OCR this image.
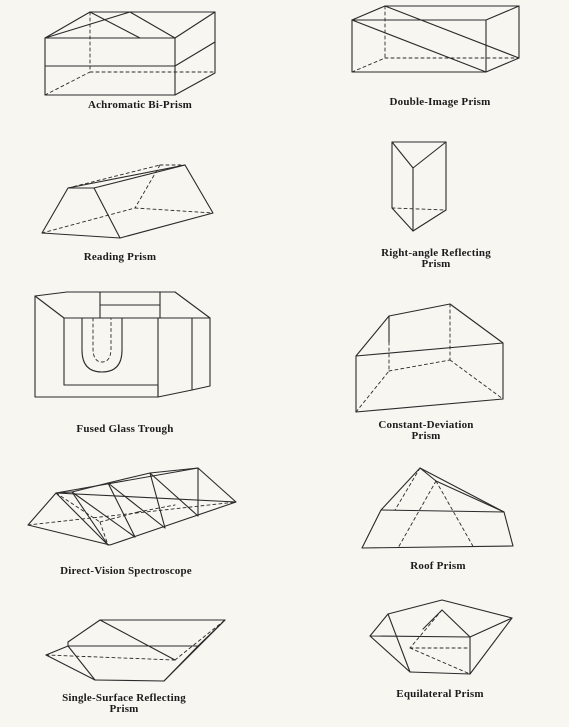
Achromatic Bi-Prism	Double-Image Prism
Reading Prism	Right-angle Reflecting
Prism
Fused Glass Trough	Constant-Deviation
Prism
Direct-Vision Spectroscope	Roof Prism
Single-Surface Reflecting
Prism
Equilateral Prism
